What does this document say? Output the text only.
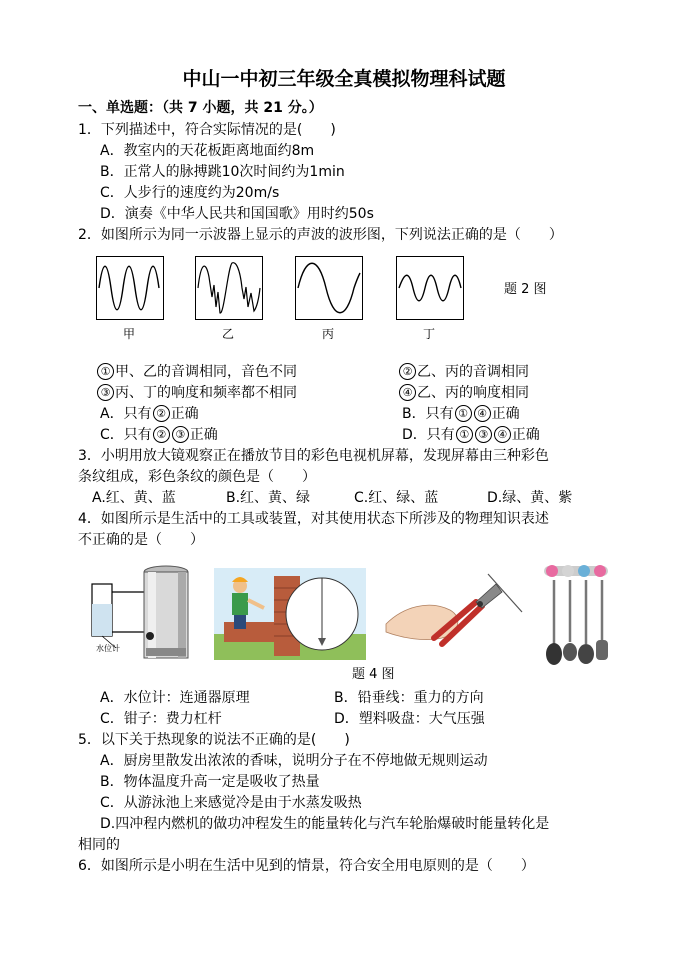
中山一中初三年级全真模拟物理科试题
一、单选题：（共 7 小题，共 21 分。）
1．下列描述中，符合实际情况的是(　　)
A．教室内的天花板距离地面约8m
B．正常人的脉搏跳10次时间约为1min
C．人步行的速度约为20m/s
D．演奏《中华人民共和国国歌》用时约50s
2．如图所示为同一示波器上显示的声波的波形图，下列说法正确的是（　　）
甲	乙	丙	丁
题 2 图
① 甲、乙的音调相同，音色不同	② 乙、丙的音调相同
③ 丙、丁的响度和频率都不相同	④ 乙、丙的响度相同
A．只有 ② 正确	B．只有 ① ④ 正确
C．只有 ② ③ 正确	D．只有 ① ③ ④ 正确
3．小明用放大镜观察正在播放节目的彩色电视机屏幕，发现屏幕由三种彩色
条纹组成，彩色条纹的颜色是（　　）
A.红、黄、蓝	B.红、黄、绿	C.红、绿、蓝	D.绿、黄、紫
4．如图所示是生活中的工具或装置，对其使用状态下所涉及的物理知识表述
不正确的是（　　）
水位计
题 4 图
A．水位计：连通器原理	B．铅垂线：重力的方向
C．钳子：费力杠杆	D．塑料吸盘：大气压强
5．以下关于热现象的说法不正确的是(　　)
A．厨房里散发出浓浓的香味，说明分子在不停地做无规则运动
B．物体温度升高一定是吸收了热量
C．从游泳池上来感觉冷是由于水蒸发吸热
D.四冲程内燃机的做功冲程发生的能量转化与汽车轮胎爆破时能量转化是
相同的
6．如图所示是小明在生活中见到的情景，符合安全用电原则的是（　　）
